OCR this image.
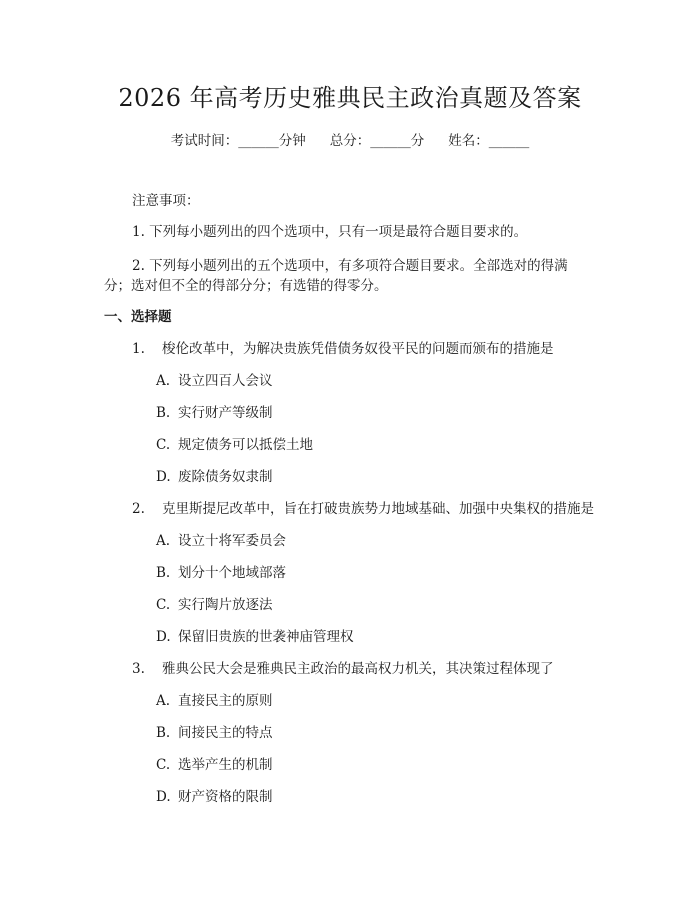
2026 年高考历史雅典民主政治真题及答案
考试时间：______分钟 总分：______分 姓名：______
注意事项：
1. 下列每小题列出的四个选项中，只有一项是最符合题目要求的。
2. 下列每小题列出的五个选项中，有多项符合题目要求。全部选对的得满
分；选对但不全的得部分分；有选错的得零分。
一、选择题
1. 梭伦改革中，为解决贵族凭借债务奴役平民的问题而颁布的措施是
A. 设立四百人会议
B. 实行财产等级制
C. 规定债务可以抵偿土地
D. 废除债务奴隶制
2. 克里斯提尼改革中，旨在打破贵族势力地域基础、加强中央集权的措施是
A. 设立十将军委员会
B. 划分十个地域部落
C. 实行陶片放逐法
D. 保留旧贵族的世袭神庙管理权
3. 雅典公民大会是雅典民主政治的最高权力机关，其决策过程体现了
A. 直接民主的原则
B. 间接民主的特点
C. 选举产生的机制
D. 财产资格的限制
